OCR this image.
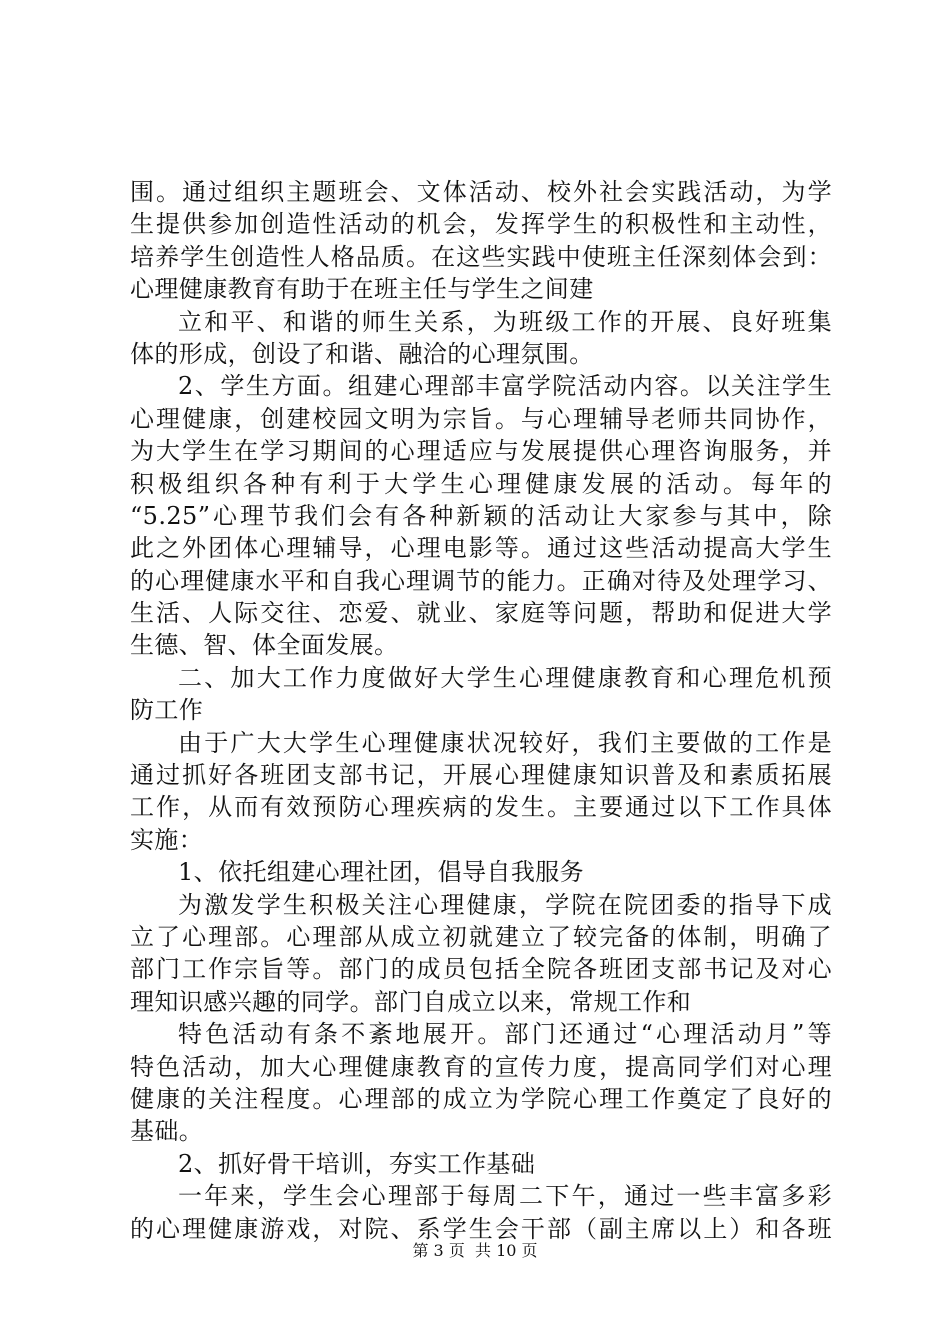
围。通过组织主题班会、文体活动、校外社会实践活动，为学
生提供参加创造性活动的机会，发挥学生的积极性和主动性，
培养学生创造性人格品质。在这些实践中使班主任深刻体会到：
心理健康教育有助于在班主任与学生之间建
立和平、和谐的师生关系，为班级工作的开展、良好班集
体的形成，创设了和谐、融洽的心理氛围。
2、学生方面。组建心理部丰富学院活动内容。以关注学生
心理健康，创建校园文明为宗旨。与心理辅导老师共同协作，
为大学生在学习期间的心理适应与发展提供心理咨询服务，并
积极组织各种有利于大学生心理健康发展的活动。每年的
“5.25”心理节我们会有各种新颖的活动让大家参与其中，除
此之外团体心理辅导，心理电影等。通过这些活动提高大学生
的心理健康水平和自我心理调节的能力。正确对待及处理学习、
生活、人际交往、恋爱、就业、家庭等问题，帮助和促进大学
生德、智、体全面发展。
二、加大工作力度做好大学生心理健康教育和心理危机预
防工作
由于广大大学生心理健康状况较好，我们主要做的工作是
通过抓好各班团支部书记，开展心理健康知识普及和素质拓展
工作，从而有效预防心理疾病的发生。主要通过以下工作具体
实施：
1、依托组建心理社团，倡导自我服务
为激发学生积极关注心理健康，学院在院团委的指导下成
立了心理部。心理部从成立初就建立了较完备的体制，明确了
部门工作宗旨等。部门的成员包括全院各班团支部书记及对心
理知识感兴趣的同学。部门自成立以来，常规工作和
特色活动有条不紊地展开。部门还通过“心理活动月”等
特色活动，加大心理健康教育的宣传力度，提高同学们对心理
健康的关注程度。心理部的成立为学院心理工作奠定了良好的
基础。
2、抓好骨干培训，夯实工作基础
一年来，学生会心理部于每周二下午，通过一些丰富多彩
的心理健康游戏，对院、系学生会干部（副主席以上）和各班
第 3 页  共 10 页
